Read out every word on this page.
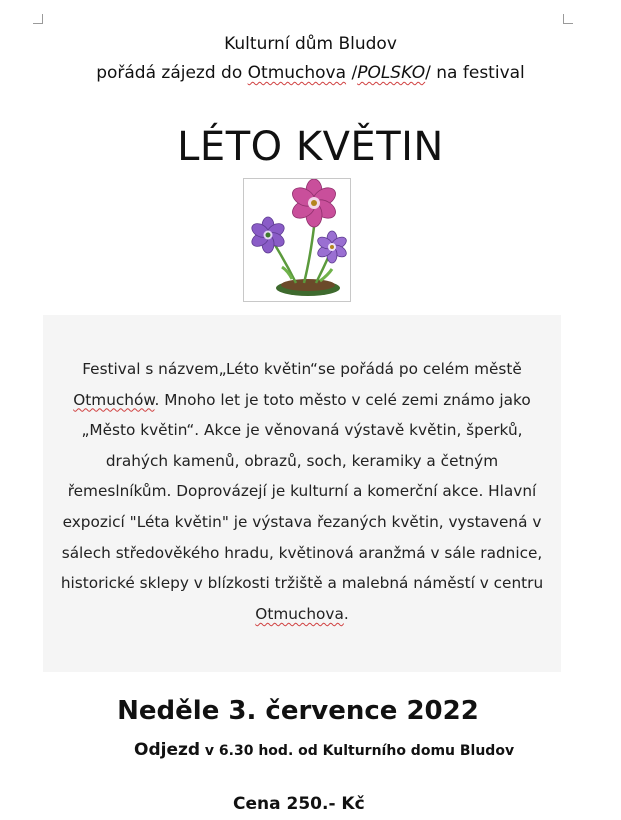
Kulturní dům Bludov
pořádá zájezd do Otmuchova /POLSKO/ na festival
LÉTO KVĚTIN

Festival s názvem„Léto květin“se pořádá po celém městě Otmuchów. Mnoho let je toto město v celé zemi známo jako „Město květin“. Akce je věnovaná výstavě květin, šperků, drahých kamenů, obrazů, soch, keramiky a četným řemeslníkům. Doprovázejí je kulturní a komerční akce. Hlavní expozicí "Léta květin" je výstava řezaných květin, vystavená v sálech středověkého hradu, květinová aranžmá v sále radnice, historické sklepy v blízkosti tržiště a malebná náměstí v centru Otmuchova.

Neděle 3. července 2022
Odjezd v 6.30 hod. od Kulturního domu Bludov
Cena 250.- Kč
